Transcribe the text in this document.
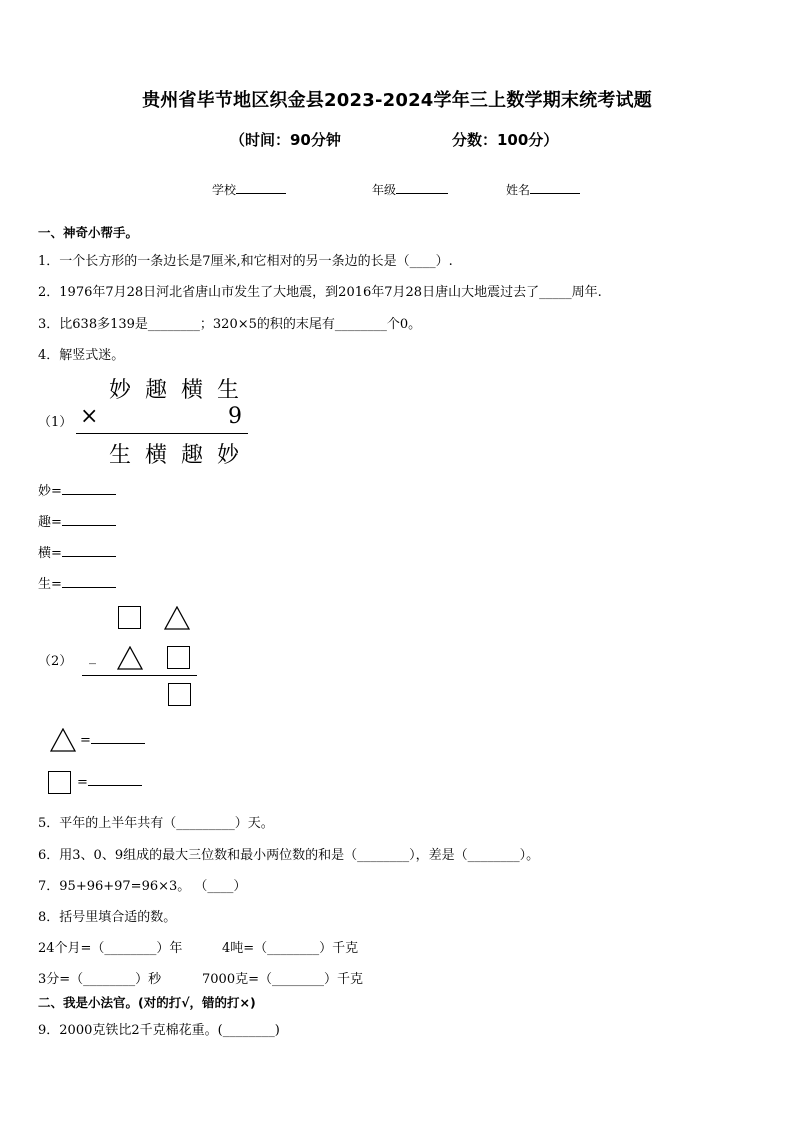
贵州省毕节地区织金县2023-2024学年三上数学期末统考试题
（时间：90分钟	分数：100分）
学校	年级	姓名
一、神奇小帮手。
1．一个长方形的一条边长是7厘米,和它相对的另一条边的长是（____）.
2．1976年7月28日河北省唐山市发生了大地震，到2016年7月28日唐山大地震过去了_____周年.
3．比638多139是________；320×5的积的末尾有________个0。
4．解竖式迷。
妙 趣 横 生
（1） ×	9
生 横 趣 妙
妙=
趣=
横=
生=
（2） _
=
=
5．平年的上半年共有（_________）天。
6．用3、0、9组成的最大三位数和最小两位数的和是（________），差是（________）。
7．95+96+97=96×3。 （____）
8．括号里填合适的数。
24个月=（________）年	4吨=（________）千克
3分=（________）秒	7000克=（________）千克
二、我是小法官。(对的打√，错的打×)
9．2000克铁比2千克棉花重。(________)
